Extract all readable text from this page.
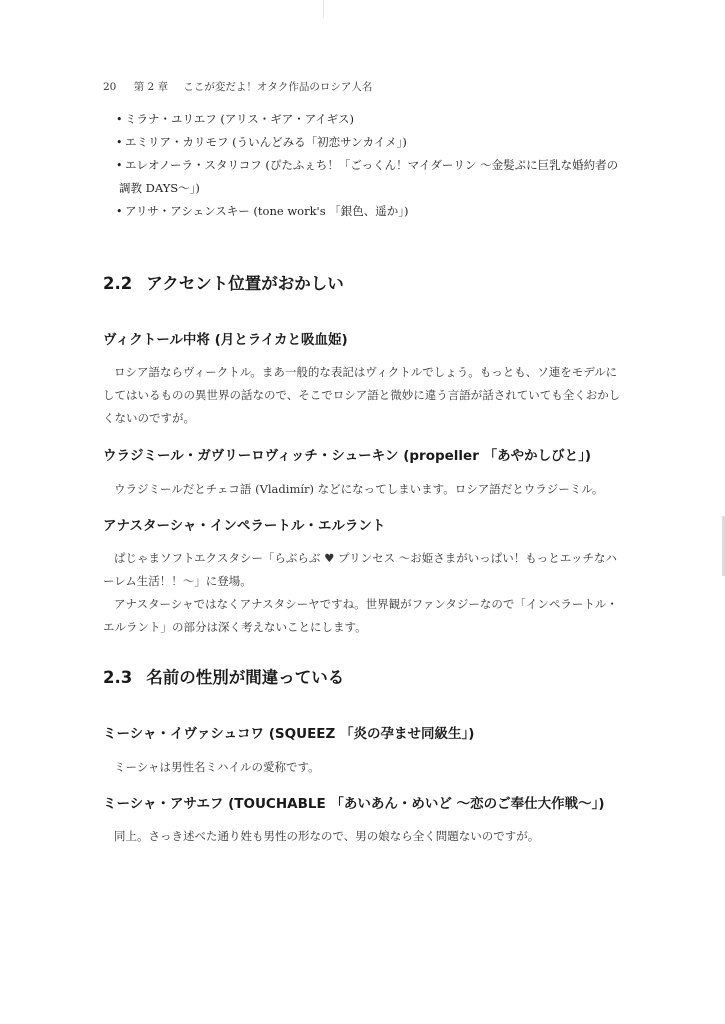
20 第 2 章 ここが変だよ！オタク作品のロシア人名
• ミラナ・ユリエフ (アリス・ギア・アイギス)
• エミリア・カリモフ (ういんどみる「初恋サンカイメ」)
• エレオノーラ・スタリコフ (ぴたふぇち！「ごっくん！マイダーリン 〜金髪ぷに巨乳な婚約者の
調教 DAYS〜」)
• アリサ・アシェンスキー (tone work's 「銀色、遥か」)
2.2 アクセント位置がおかしい
ヴィクトール中将 (月とライカと吸血姫)

ロシア語ならヴィークトル。まあ一般的な表記はヴィクトルでしょう。もっとも、ソ連をモデルにしてはいるものの異世界の話なので、そこでロシア語と微妙に違う言語が話されていても全くおかしくないのですが。

ウラジミール・ガヴリーロヴィッチ・シューキン (propeller 「あやかしびと」)

ウラジミールだとチェコ語 (Vladimír) などになってしまいます。ロシア語だとウラジーミル。

アナスターシャ・インペラートル・エルラント

ぱじゃまソフトエクスタシー「らぶらぶ ♥ プリンセス 〜お姫さまがいっぱい！もっとエッチなハーレム生活！！〜」に登場。

アナスターシャではなくアナスタシーヤですね。世界観がファンタジーなので「インペラートル・エルラント」の部分は深く考えないことにします。

2.3 名前の性別が間違っている
ミーシャ・イヴァシュコワ (SQUEEZ 「炎の孕ませ同級生」)

ミーシャは男性名ミハイルの愛称です。

ミーシャ・アサエフ (TOUCHABLE 「あいあん・めいど 〜恋のご奉仕大作戦〜」)

同上。さっき述べた通り姓も男性の形なので、男の娘なら全く問題ないのですが。
